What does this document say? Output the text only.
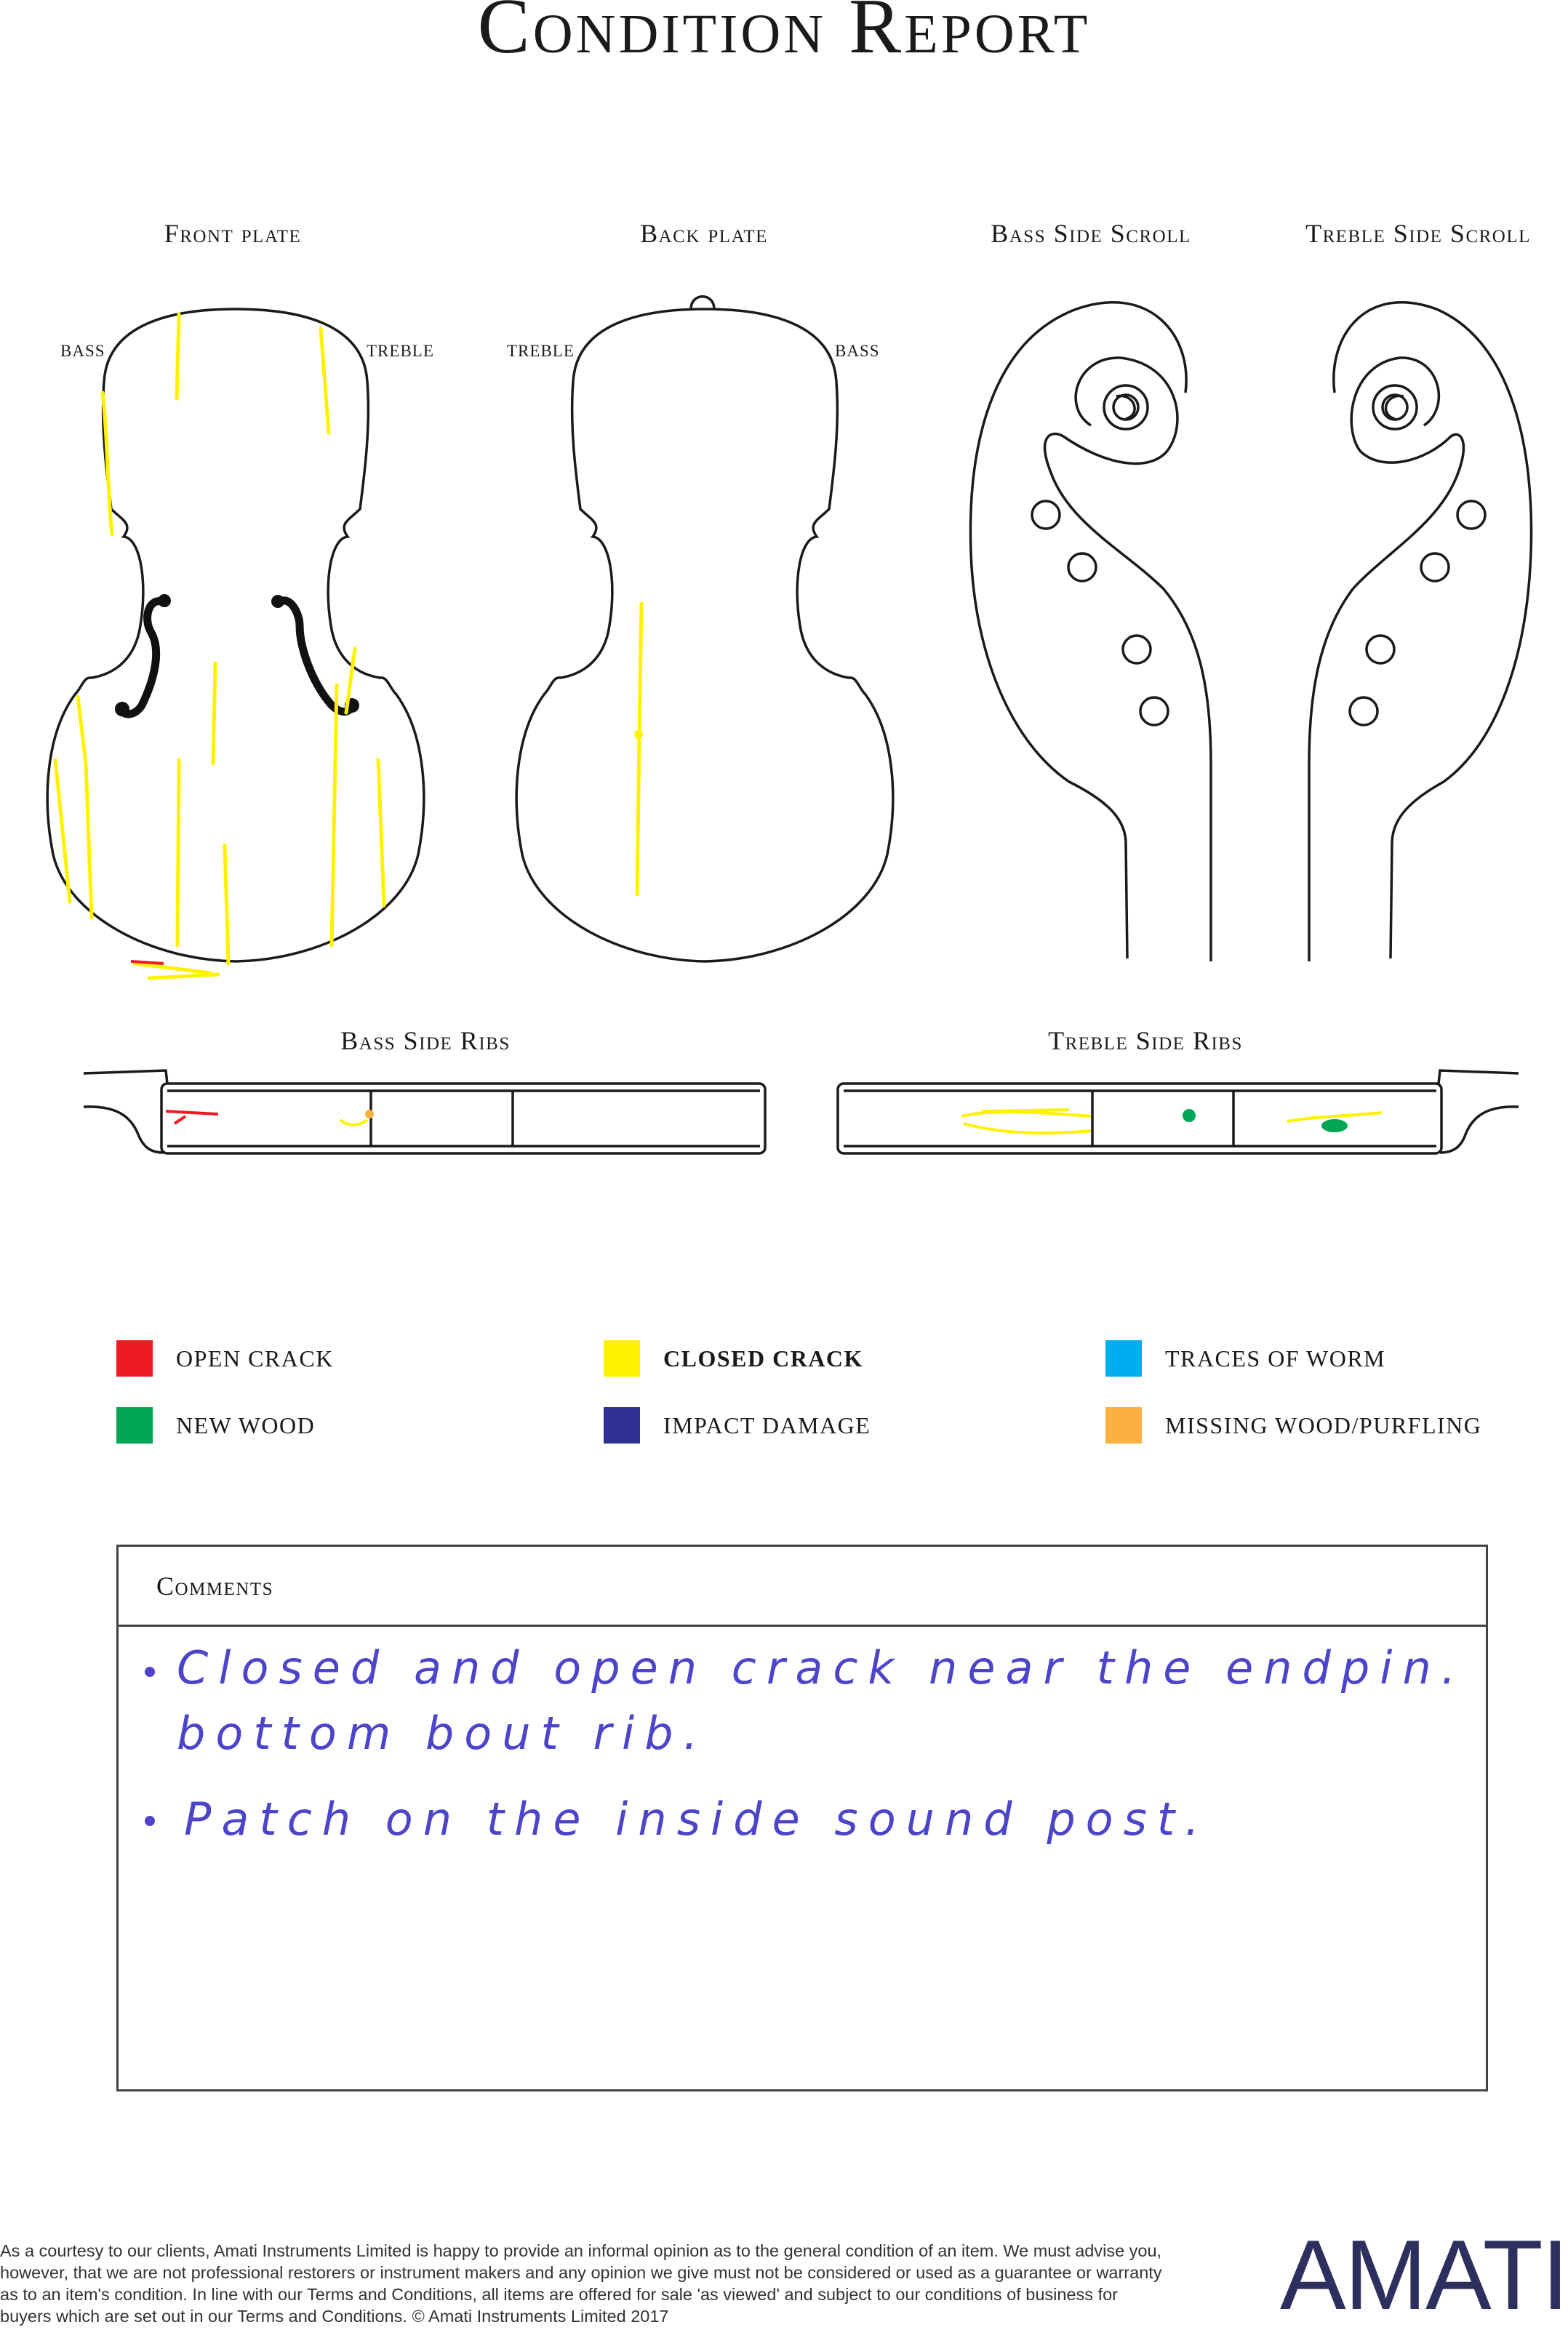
Condition Report
Front plate	Back plate	Bass Side Scroll	Treble Side Scroll
Bass Side Ribs	Treble Side Ribs
BASS	TREBLE	TREBLE	BASS
OPEN CRACK	CLOSED CRACK	TRACES OF WORM
NEW WOOD	IMPACT DAMAGE	MISSING WOOD/PURFLING
Comments
Closed and open crack near the endpin.
bottom bout rib.
Patch on the inside sound post.
As a courtesy to our clients, Amati Instruments Limited is happy to provide an informal opinion as to the general condition of an item. We must advise you, however, that we are not professional restorers or instrument makers and any opinion we give must not be considered or used as a guarantee or warranty as to an item's condition. In line with our Terms and Conditions, all items are offered for sale 'as viewed' and subject to our conditions of business for buyers which are set out in our Terms and Conditions. © Amati Instruments Limited 2017	AMATI
